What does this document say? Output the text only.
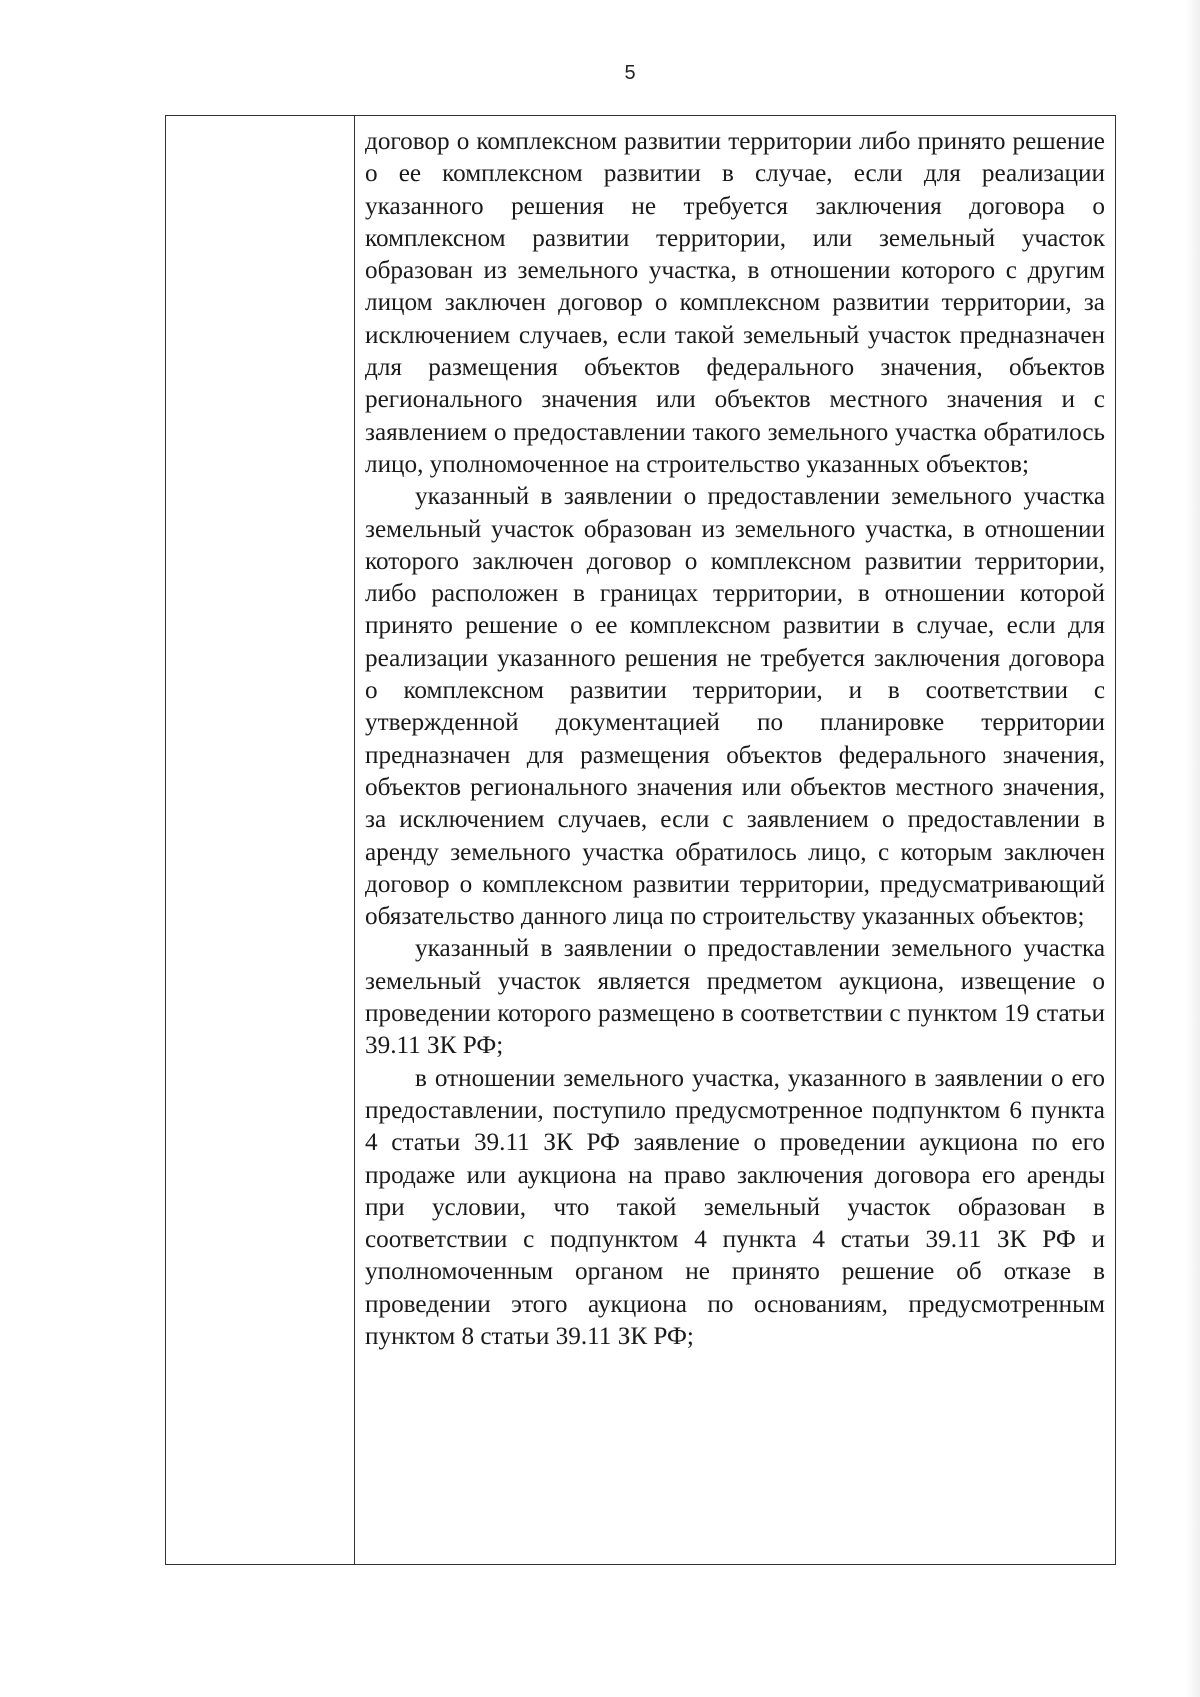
5

договор о комплексном развитии территории либо принято решение о ее комплексном развитии в случае, если для реализации указанного решения не требуется заключения договора о комплексном развитии территории, или земельный участок образован из земельного участка, в отношении которого с другим лицом заключен договор о комплексном развитии территории, за исключением случаев, если такой земельный участок предназначен для размещения объектов федерального значения, объектов регионального значения или объектов местного значения и с заявлением о предоставлении такого земельного участка обратилось лицо, уполномоченное на строительство указанных объектов;

указанный в заявлении о предоставлении земельного участка земельный участок образован из земельного участка, в отношении которого заключен договор о комплексном развитии территории, либо расположен в границах территории, в отношении которой принято решение о ее комплексном развитии в случае, если для реализации указанного решения не требуется заключения договора о комплексном развитии территории, и в соответствии с утвержденной документацией по планировке территории предназначен для размещения объектов федерального значения, объектов регионального значения или объектов местного значения, за исключением случаев, если с заявлением о предоставлении в аренду земельного участка обратилось лицо, с которым заключен договор о комплексном развитии территории, предусматривающий обязательство данного лица по строительству указанных объектов;

указанный в заявлении о предоставлении земельного участка земельный участок является предметом аукциона, извещение о проведении которого размещено в соответствии с пунктом 19 статьи 39.11 ЗК РФ;

в отношении земельного участка, указанного в заявлении о его предоставлении, поступило предусмотренное подпунктом 6 пункта 4 статьи 39.11 ЗК РФ заявление о проведении аукциона по его продаже или аукциона на право заключения договора его аренды при условии, что такой земельный участок образован в соответствии с подпунктом 4 пункта 4 статьи 39.11 ЗК РФ и уполномоченным органом не принято решение об отказе в проведении этого аукциона по основаниям, предусмотренным пунктом 8 статьи 39.11 ЗК РФ;
